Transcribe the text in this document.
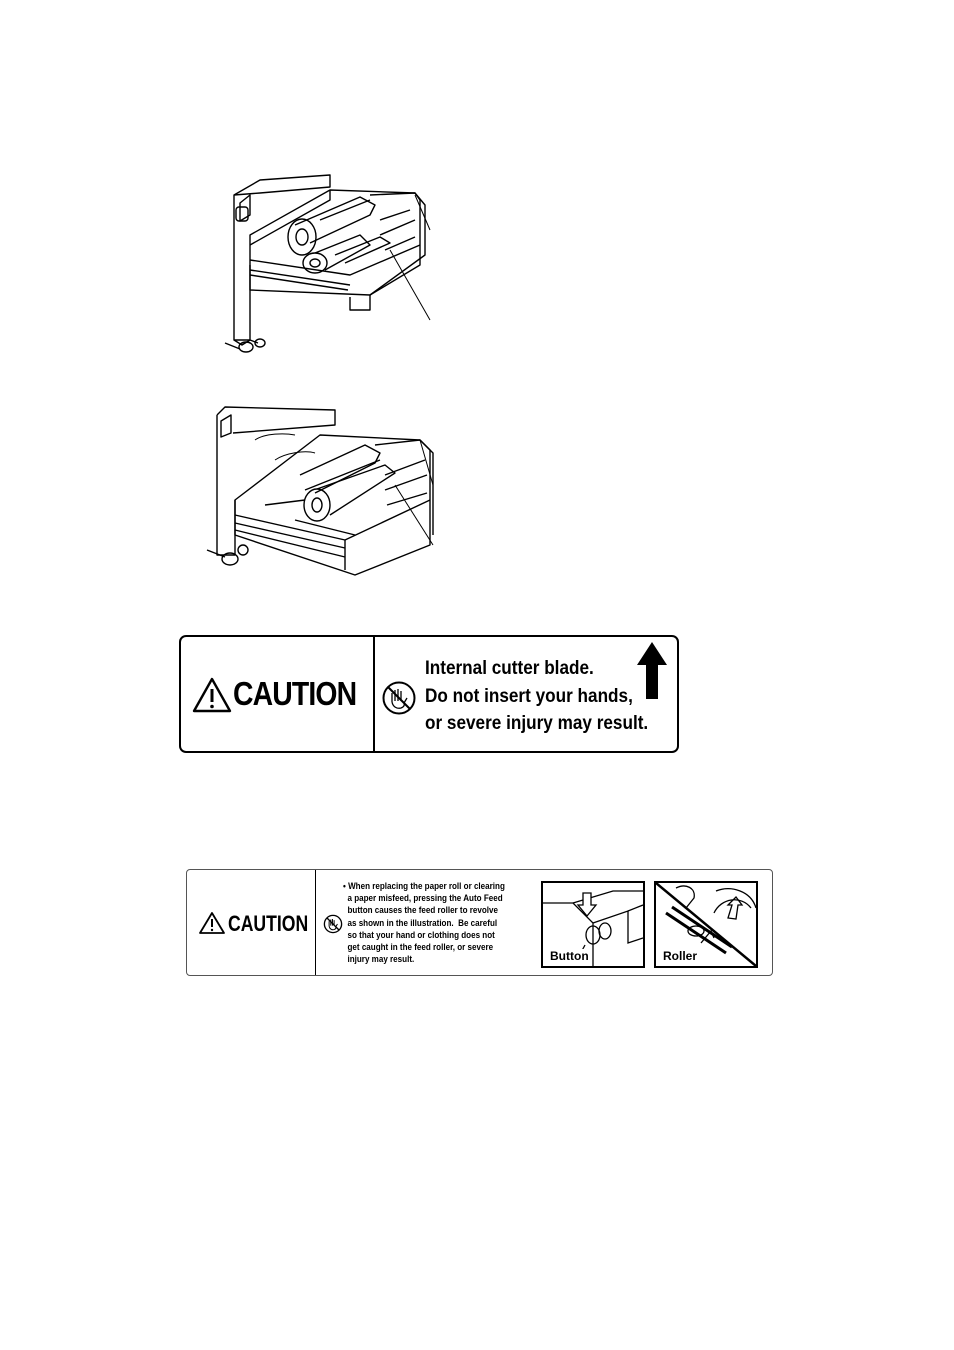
CAUTION
Internal cutter blade.
Do not insert your hands,
or severe injury may result.
CAUTION
• When replacing the paper roll or clearing
a paper misfeed, pressing the Auto Feed
button causes the feed roller to revolve
as shown in the illustration.  Be careful
so that your hand or clothing does not
get caught in the feed roller, or severe
injury may result.	Button	Roller
